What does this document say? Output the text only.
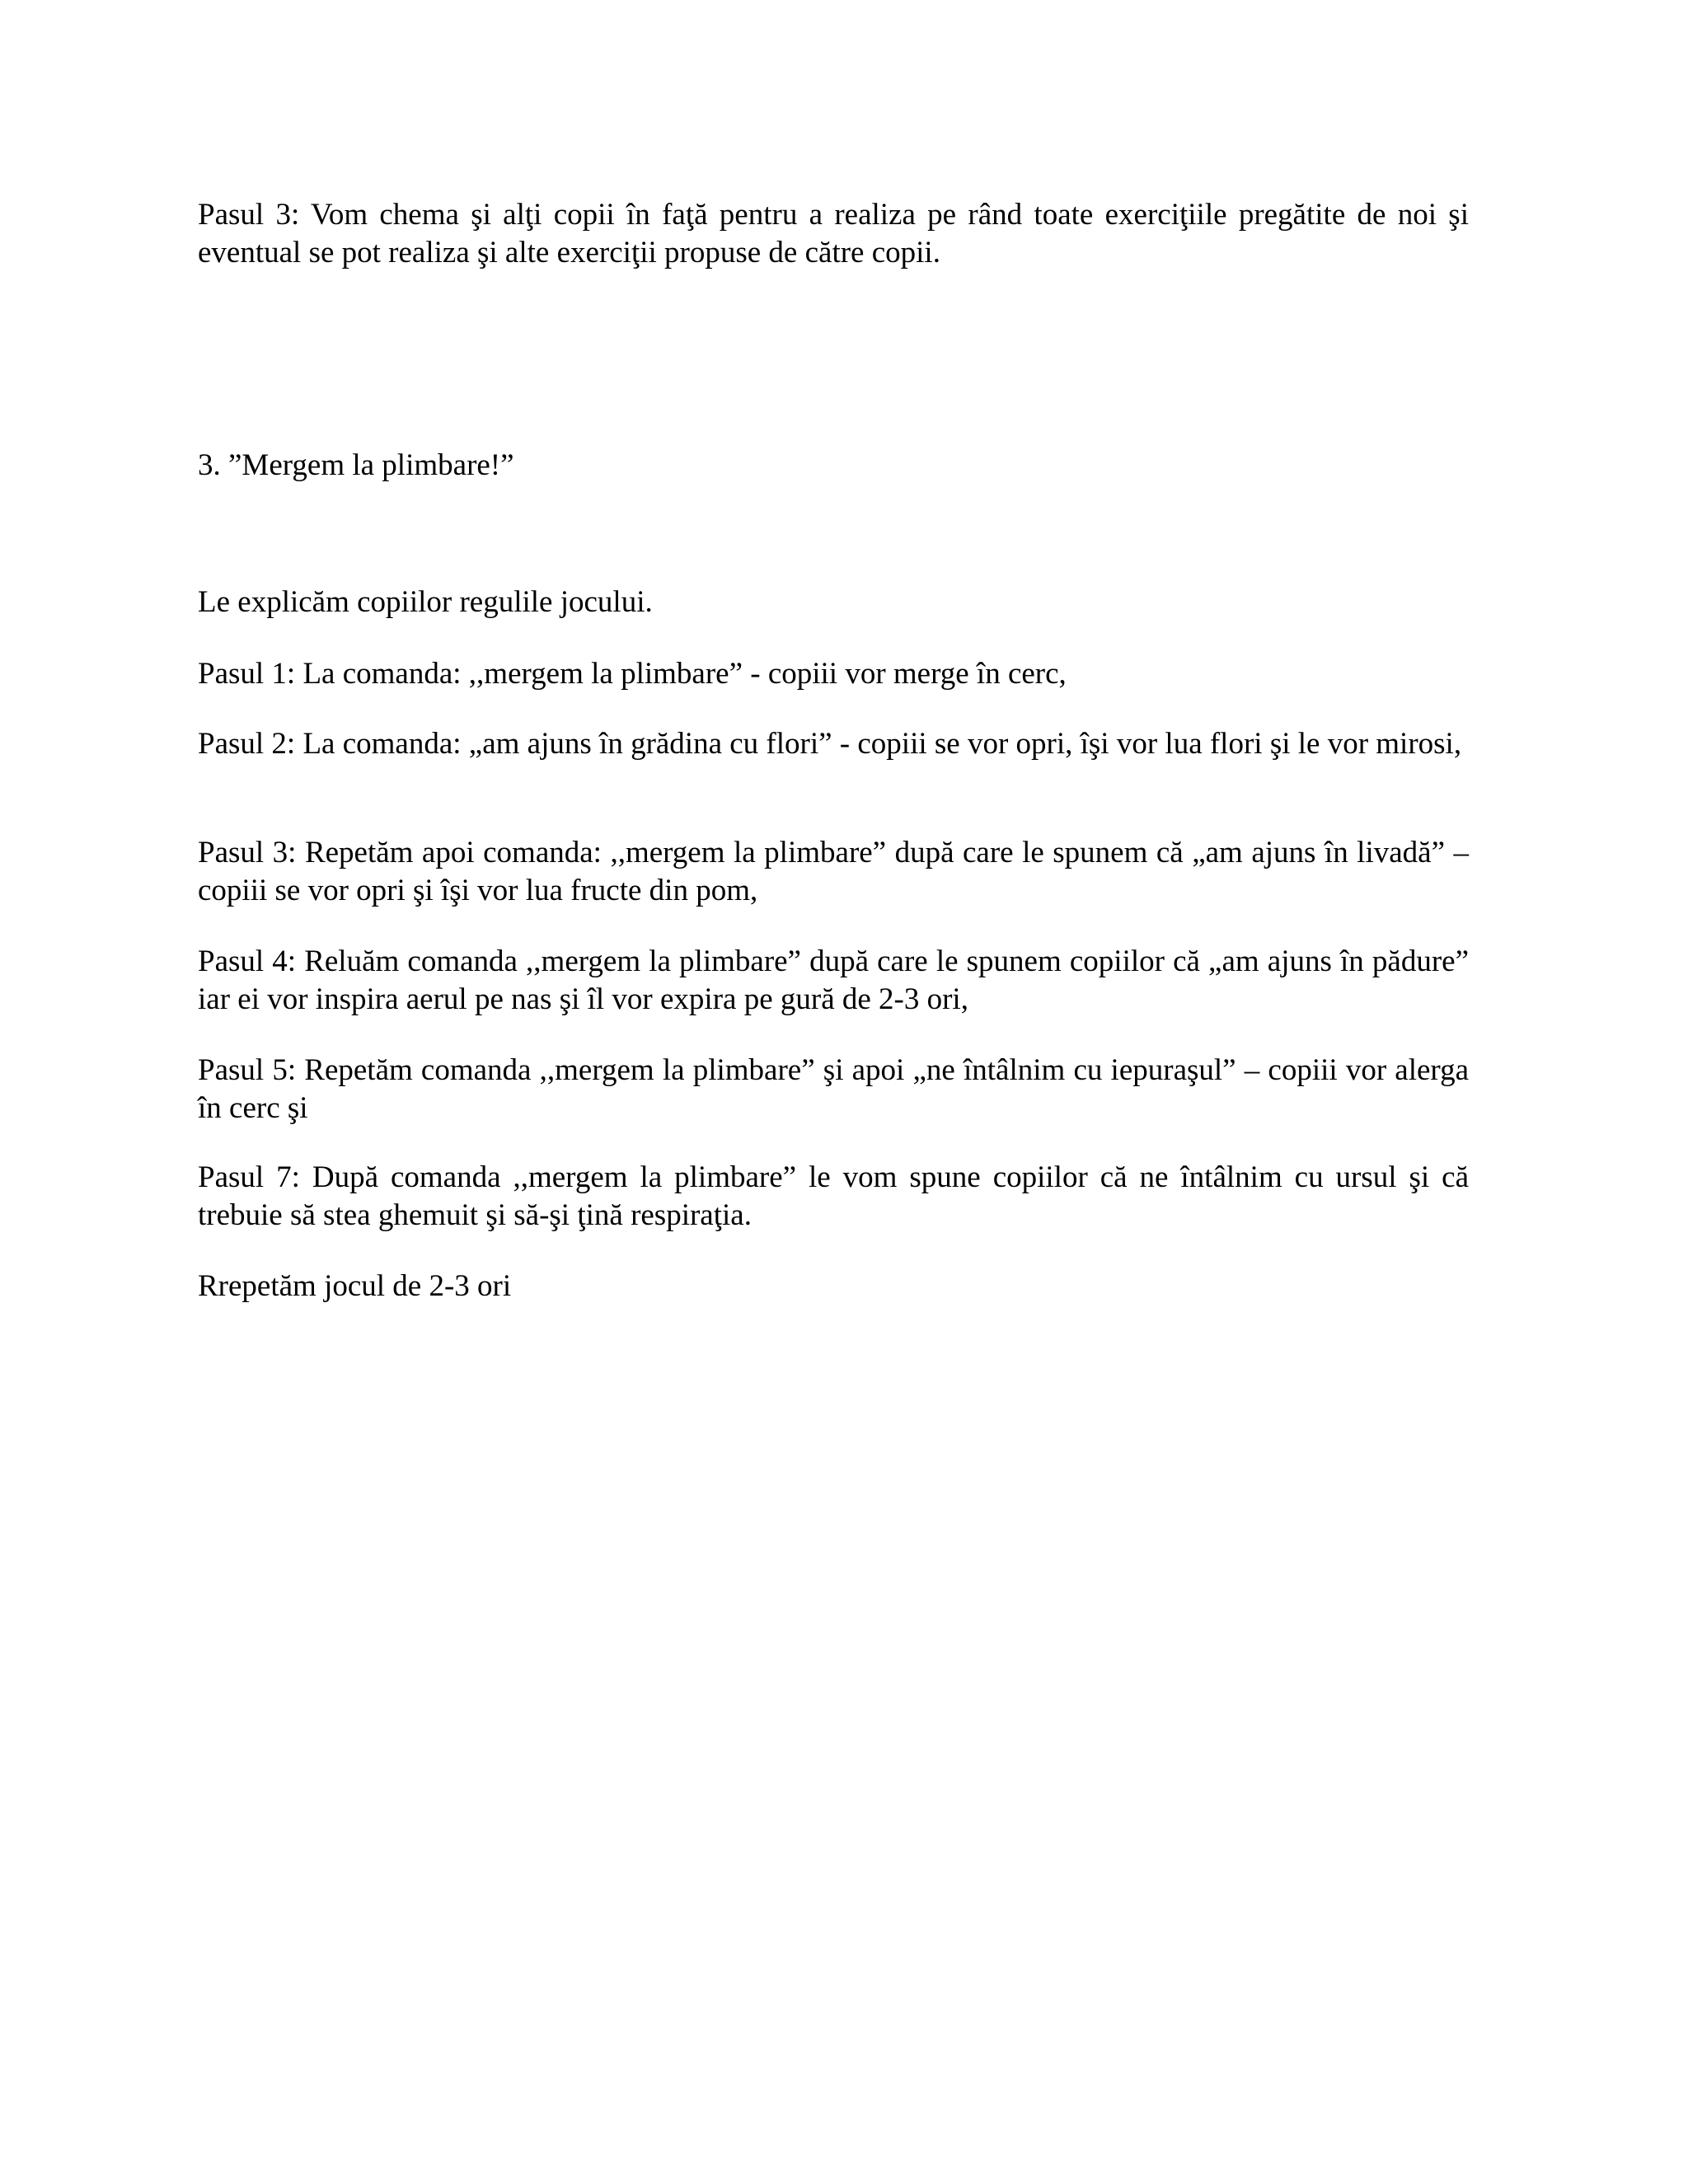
Pasul 3: Vom chema şi alţi copii în faţă pentru a realiza pe rând toate exerciţiile pregătite de noi şi eventual se pot realiza şi alte exerciţii propuse de către copii.

3. ”Mergem la plimbare!”

Le explicăm copiilor regulile jocului.

Pasul 1: La comanda: ,,mergem la plimbare” - copiii vor merge în cerc,

Pasul 2: La comanda: „am ajuns în grădina cu flori” - copiii se vor opri, îşi vor lua flori şi le vor mirosi,

Pasul 3: Repetăm apoi comanda: ,,mergem la plimbare” după care le spunem că „am ajuns în livadă” – copiii se vor opri şi îşi vor lua fructe din pom,

Pasul 4: Reluăm comanda ,,mergem la plimbare” după care le spunem copiilor că „am ajuns în pădure” iar ei vor inspira aerul pe nas şi îl vor expira pe gură de 2-3 ori,

Pasul 5: Repetăm comanda ,,mergem la plimbare” şi apoi „ne întâlnim cu iepuraşul” – copiii vor alerga în cerc şi

Pasul 7: După comanda ,,mergem la plimbare” le vom spune copiilor că ne întâlnim cu ursul şi că trebuie să stea ghemuit şi să-şi ţină respiraţia.

Rrepetăm jocul de 2-3 ori
